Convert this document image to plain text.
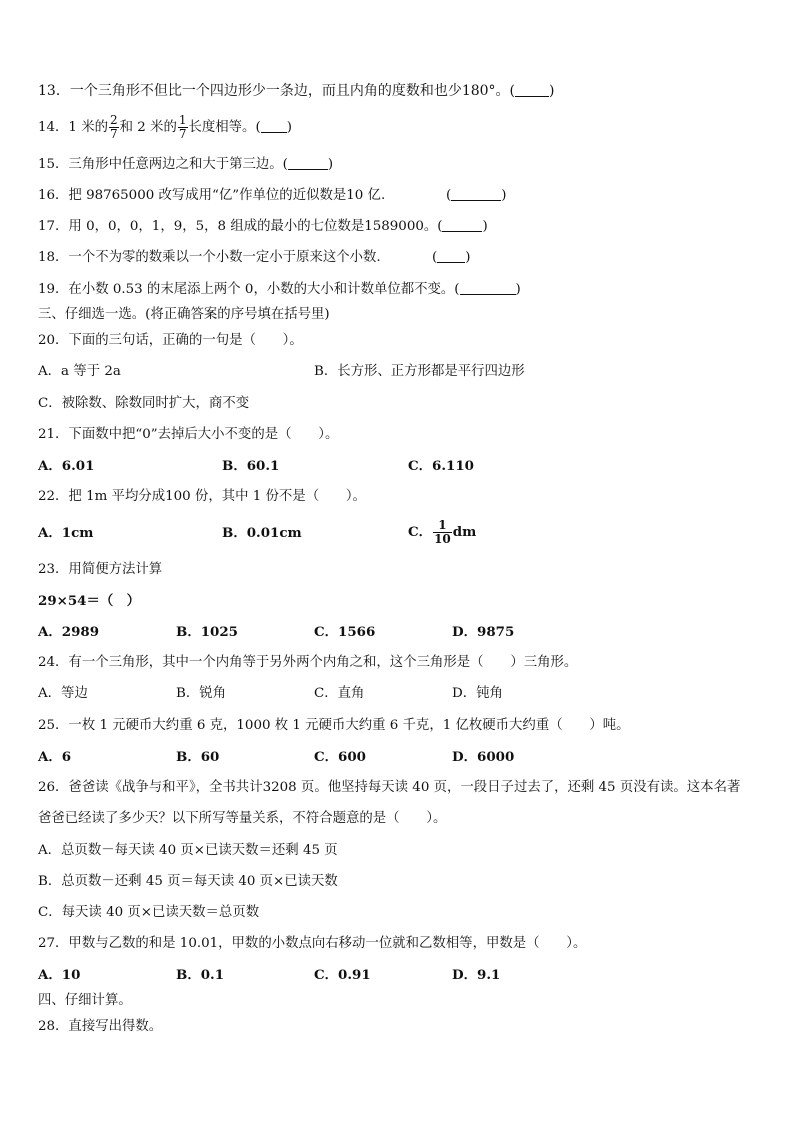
13．一个三角形不但比一个四边形少一条边，而且内角的度数和也少180°。( )
14．1 米的 $\frac{2}{7}$ 和 2 米的 $\frac{1}{7}$ 长度相等。( )
15．三角形中任意两边之和大于第三边。(	)
16．把 98765000 改写成用“亿”作单位的近似数是10 亿.	(	)
17．用 0，0，0，1，9，5，8 组成的最小的七位数是1589000。(	)
18．一个不为零的数乘以一个小数一定小于原来这个小数.	( )
19．在小数 0.53 的末尾添上两个 0，小数的大小和计数单位都不变。(	)
三、仔细选一选。(将正确答案的序号填在括号里)
20．下面的三句话，正确的一句是（　　）。
A．a 等于 2a	B．长方形、正方形都是平行四边形
C．被除数、除数同时扩大，商不变
21．下面数中把“0”去掉后大小不变的是（　　）。
A．6.01	B．60.1	C．6.110
22．把 1m 平均分成100 份，其中 1 份不是（　　）。
A．1cm	B．0.01cm	C． $\frac{1}{10}$ dm
23．用简便方法计算
29×54＝（　）
A．2989	B．1025	C．1566	D．9875
24．有一个三角形，其中一个内角等于另外两个内角之和，这个三角形是（　　）三角形。
A．等边	B．锐角	C．直角	D．钝角
25．一枚 1 元硬币大约重 6 克，1000 枚 1 元硬币大约重 6 千克，1 亿枚硬币大约重（　　）吨。
A．6	B．60	C．600	D．6000
26．爸爸读《战争与和平》，全书共计3208 页。他坚持每天读 40 页，一段日子过去了，还剩 45 页没有读。这本名著
爸爸已经读了多少天？以下所写等量关系，不符合题意的是（　　）。
A．总页数－每天读 40 页×已读天数＝还剩 45 页
B．总页数－还剩 45 页＝每天读 40 页×已读天数
C．每天读 40 页×已读天数＝总页数
27．甲数与乙数的和是 10.01，甲数的小数点向右移动一位就和乙数相等，甲数是（　　）。
A．10	B．0.1	C．0.91	D．9.1
四、仔细计算。
28．直接写出得数。
